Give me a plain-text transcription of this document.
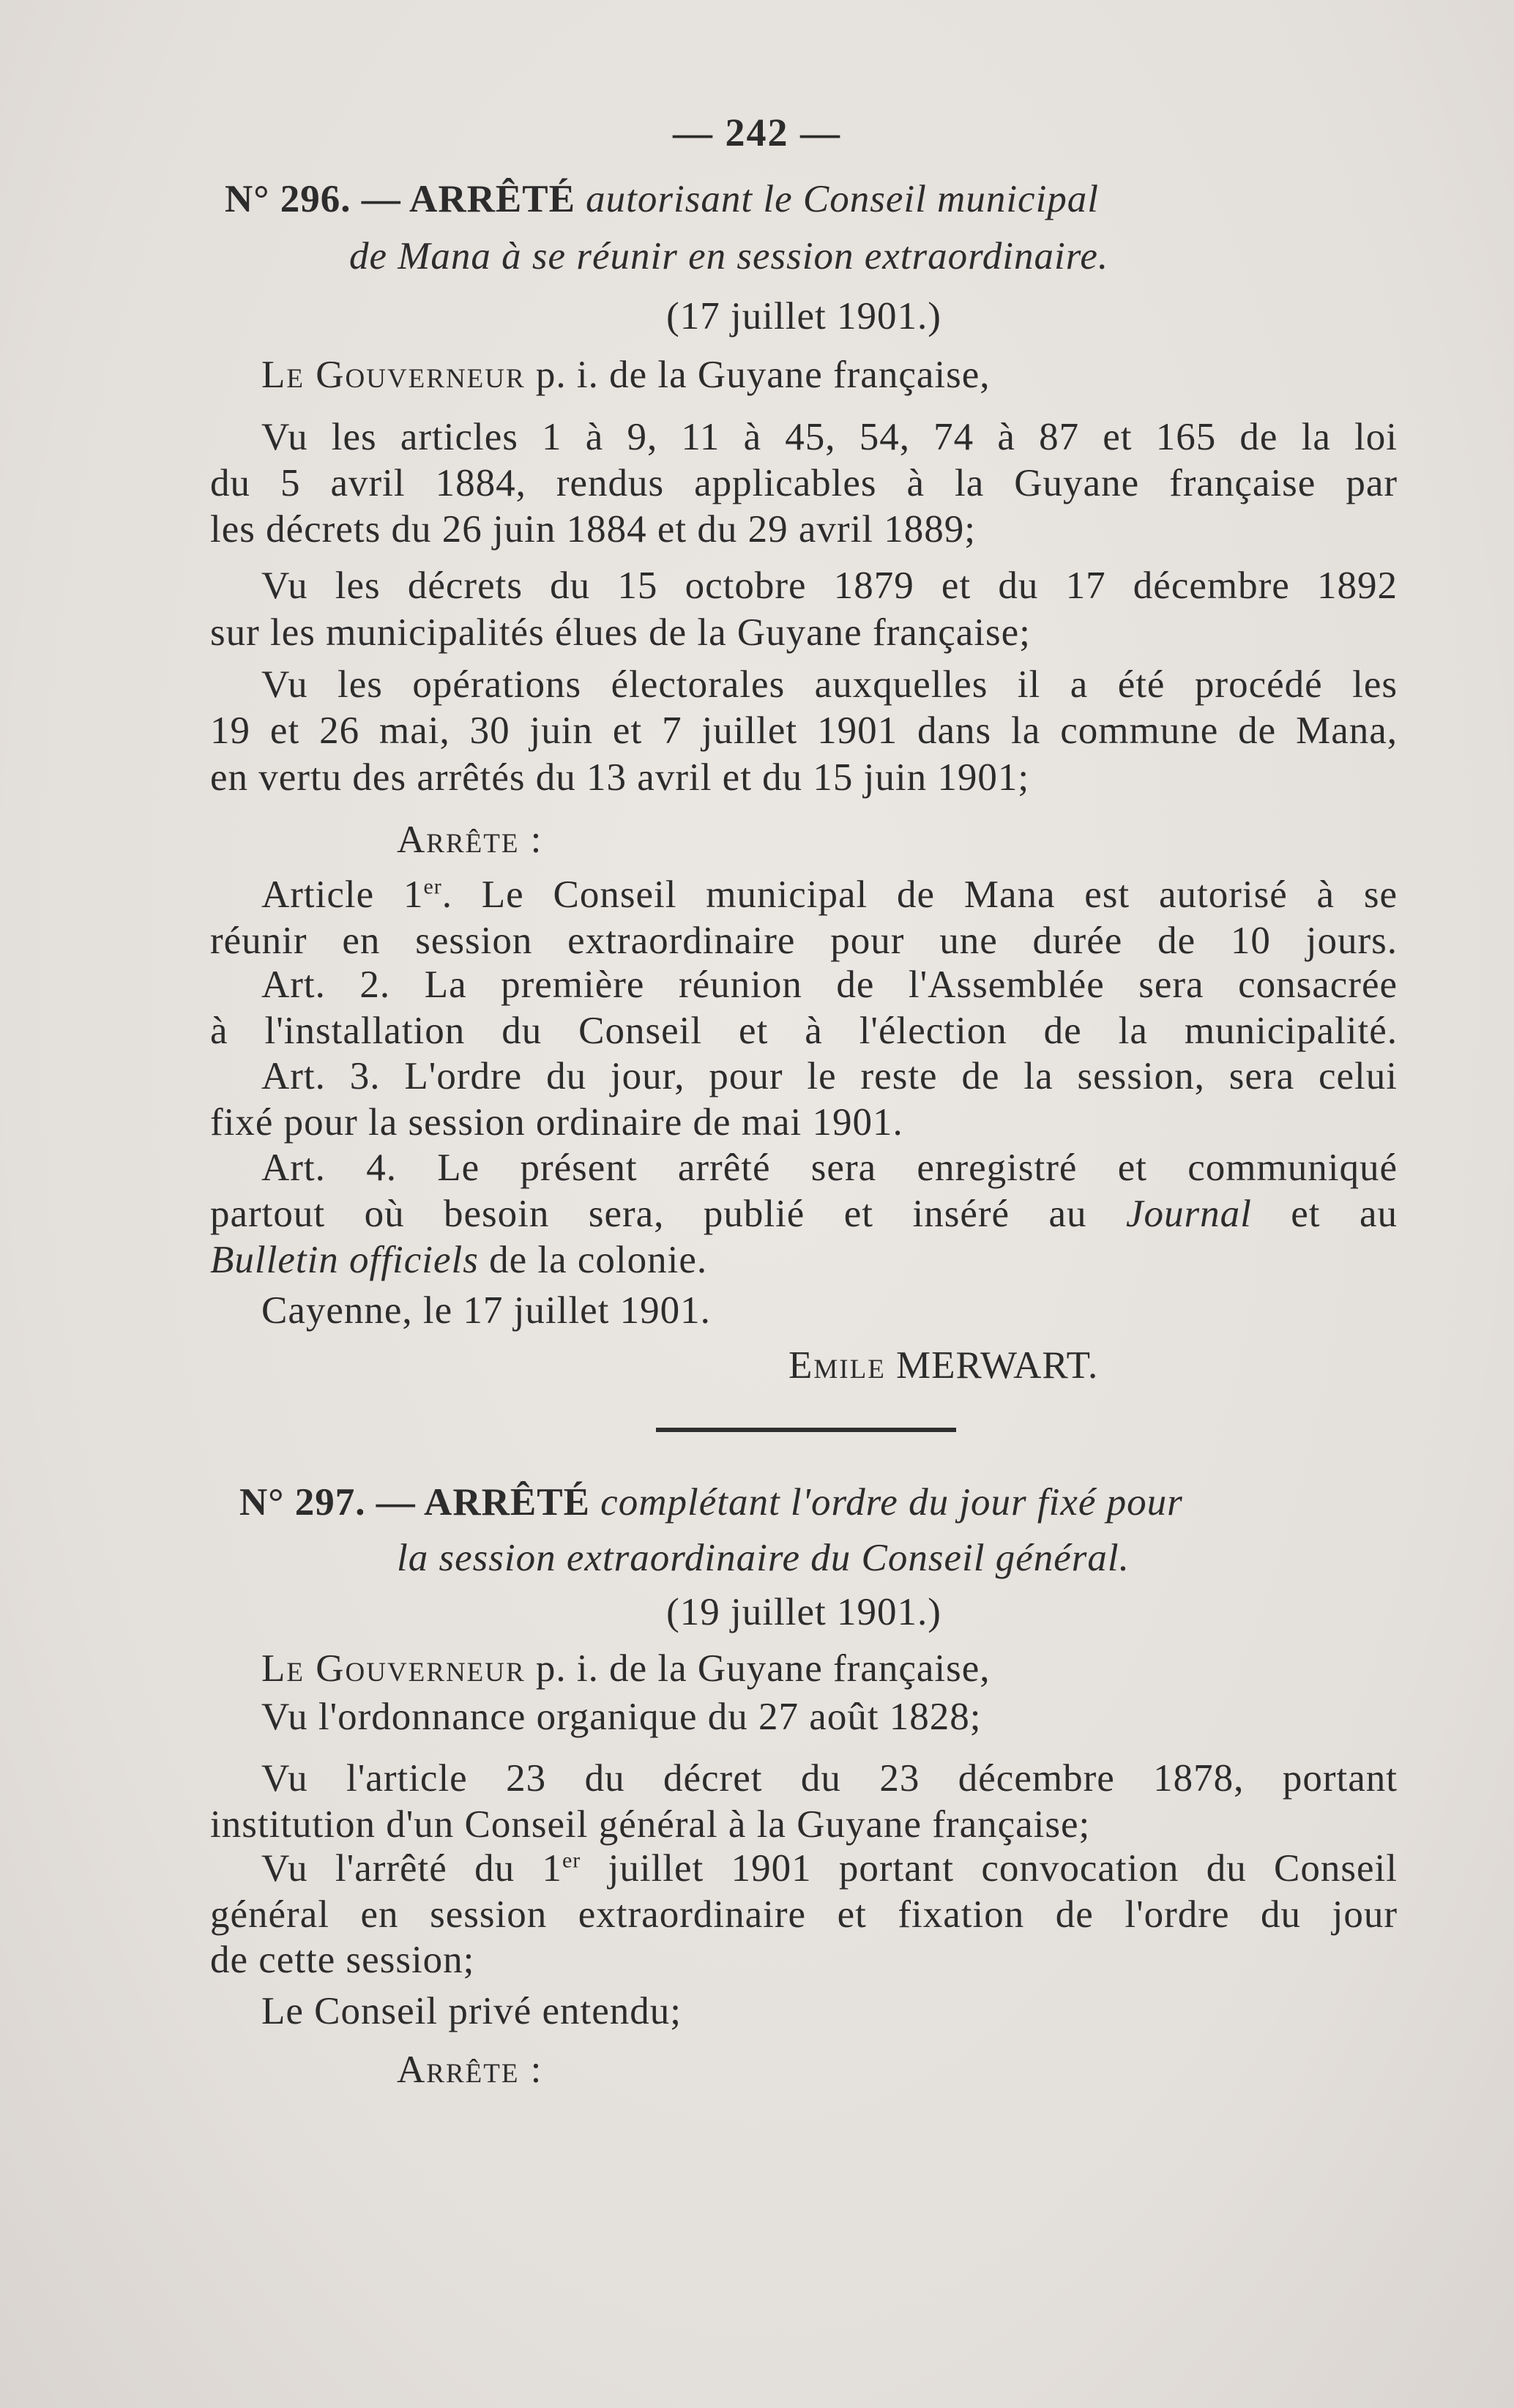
— 242 —
N° 296. — ARRÊTÉ autorisant le Conseil municipal
de Mana à se réunir en session extraordinaire.
(17 juillet 1901.)
Le Gouverneur p. i. de la Guyane française,
Vu les articles 1 à 9, 11 à 45, 54, 74 à 87 et 165 de la loi
du 5 avril 1884, rendus applicables à la Guyane française par
les décrets du 26 juin 1884 et du 29 avril 1889;
Vu les décrets du 15 octobre 1879 et du 17 décembre 1892
sur les municipalités élues de la Guyane française;
Vu les opérations électorales auxquelles il a été procédé les
19 et 26 mai, 30 juin et 7 juillet 1901 dans la commune de Mana,
en vertu des arrêtés du 13 avril et du 15 juin 1901;
Arrête :
Article 1er. Le Conseil municipal de Mana est autorisé à se
réunir en session extraordinaire pour une durée de 10 jours.
Art. 2. La première réunion de l'Assemblée sera consacrée
à l'installation du Conseil et à l'élection de la municipalité.
Art. 3. L'ordre du jour, pour le reste de la session, sera celui
fixé pour la session ordinaire de mai 1901.
Art. 4. Le présent arrêté sera enregistré et communiqué
partout où besoin sera, publié et inséré au Journal et au
Bulletin officiels de la colonie.
Cayenne, le 17 juillet 1901.
Emile MERWART.
N° 297. — ARRÊTÉ complétant l'ordre du jour fixé pour
la session extraordinaire du Conseil général.
(19 juillet 1901.)
Le Gouverneur p. i. de la Guyane française,
Vu l'ordonnance organique du 27 août 1828;
Vu l'article 23 du décret du 23 décembre 1878, portant
institution d'un Conseil général à la Guyane française;
Vu l'arrêté du 1er juillet 1901 portant convocation du Conseil
général en session extraordinaire et fixation de l'ordre du jour
de cette session;
Le Conseil privé entendu;
Arrête :
